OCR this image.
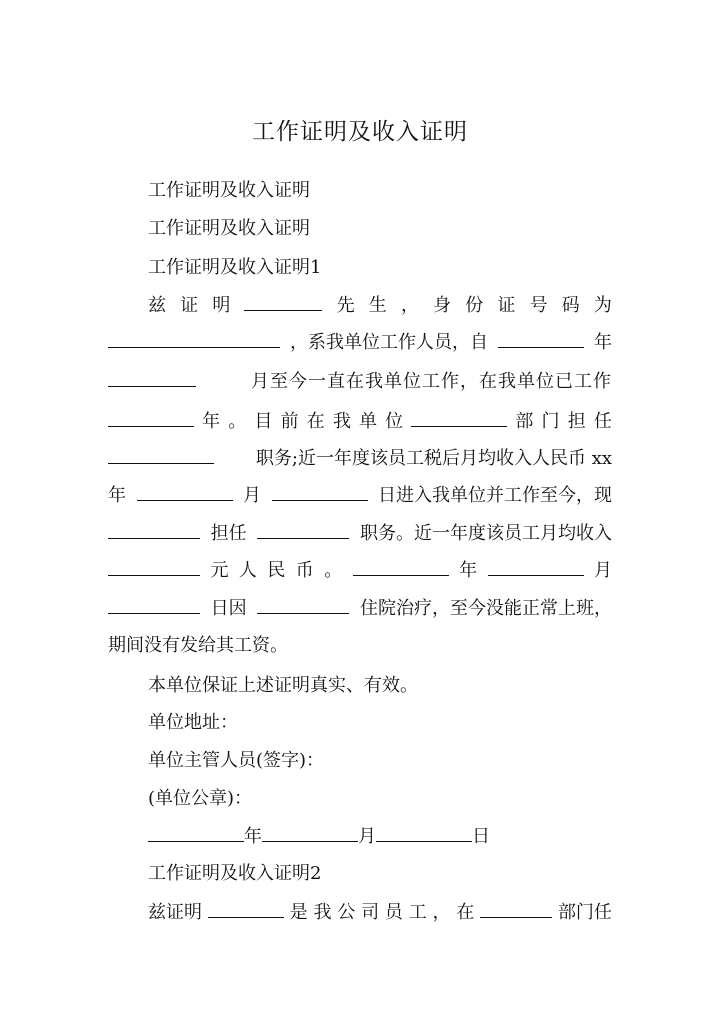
工作证明及收入证明
工作证明及收入证明
工作证明及收入证明
工作证明及收入证明1
兹 证 明	先 生 ， 身 份 证 号 码 为
，系我单位工作人员，自	年
月至今一直在我单位工作，在我单位已工作
年 。 目 前 在 我 单 位	部 门 担 任
职务;近一年度该员工税后月均收入人民币 xx
年	月	日进入我单位并工作至今，现
担任	职务。近一年度该员工月均收入
元 人 民 币 。	年	月
日因	住院治疗，至今没能正常上班，
期间没有发给其工资。
本单位保证上述证明真实、有效。
单位地址：
单位主管人员(签字)：
(单位公章)：
年	月	日
工作证明及收入证明2
兹证明	是 我 公 司 员 工 ， 在	部门任
